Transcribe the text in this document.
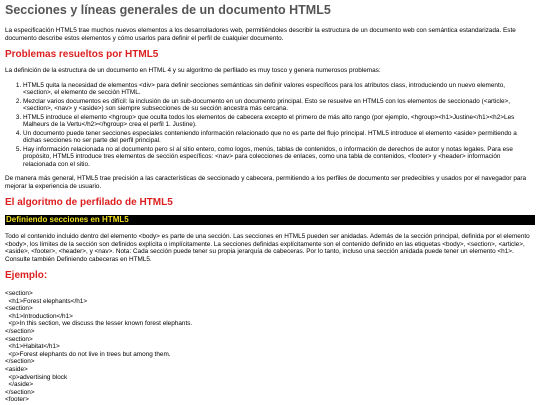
Secciones y líneas generales de un documento HTML5

La especificación HTML5 trae muchos nuevos elementos a los desarrolladores web, permitiéndoles describir la estructura de un documento web con semántica estandarizada. Este documento describe estos elementos y cómo usarlos para definir el perfil de cualquier documento.

Problemas resueltos por HTML5

La definición de la estructura de un documento en HTML 4 y su algoritmo de perfilado es muy tosco y genera numerosos problemas:

1. HTML5 quita la necesidad de elementos <div> para definir secciones semánticas sin definir valores específicos para los atributos class, introduciendo un nuevo elemento, <section>, el elemento de sección HTML.
2. Mezclar varios documentos es difícil: la inclusión de un sub-documento en un documento principal. Esto se resuelve en HTML5 con los elementos de seccionado (<article>, <section>, <nav> y <aside>) son siempre subsecciones de su sección ancestra más cercana.
3. HTML5 introduce el elemento <hgroup> que oculta todos los elementos de cabecera excepto el primero de más alto rango (por ejemplo, <hgroup><h1>Justine</h1><h2>Les Malheurs de la Vertu</h2></hgroup> crea el perfil 1. Justine).
4. Un documento puede tener secciones especiales conteniendo información relacionado que no es parte del flujo principal. HTML5 introduce el elemento <aside> permitiendo a dichas secciones no ser parte del perfil principal.
5. Hay información relacionada no al documento pero sí al sitio entero, como logos, menús, tablas de contenidos, o información de derechos de autor y notas legales. Para ese propósito, HTML5 introduce tres elementos de sección específicos: <nav> para colecciones de enlaces, como una tabla de contenidos, <footer> y <header> información relacionada con el sitio.

De manera más general, HTML5 trae precisión a las características de seccionado y cabecera, permitiendo a los perfiles de documento ser predecibles y usados por el navegador para mejorar la experiencia de usuario.

El algoritmo de perfilado de HTML5
Definiendo secciones en HTML5

Todo el contenido incluido dentro del elemento <body> es parte de una sección. Las secciones en HTML5 pueden ser anidadas. Además de la sección principal, definida por el elemento <body>, los límites de la sección son definidos explícita o implícitamente. La secciones definidas explícitamente son el contenido definido en las etiquetas <body>, <section>, <article>, <aside>, <footer>, <header>, y <nav>. Nota: Cada sección puede tener su propia jerarquía de cabeceras. Por lo tanto, incluso una sección anidada puede tener un elemento <h1>. Consulte también Definiendo cabeceras en HTML5.

Ejemplo:
<section>
<h1>Forest elephants</h1>
<section>
<h1>Introduction</h1>
<p>In this section, we discuss the lesser known forest elephants.
</section>
<section>
<h1>Habitat</h1>
<p>Forest elephants do not live in trees but among them.
</section>
<aside>
<p>advertising block
</aside>
</section>
<footer>
